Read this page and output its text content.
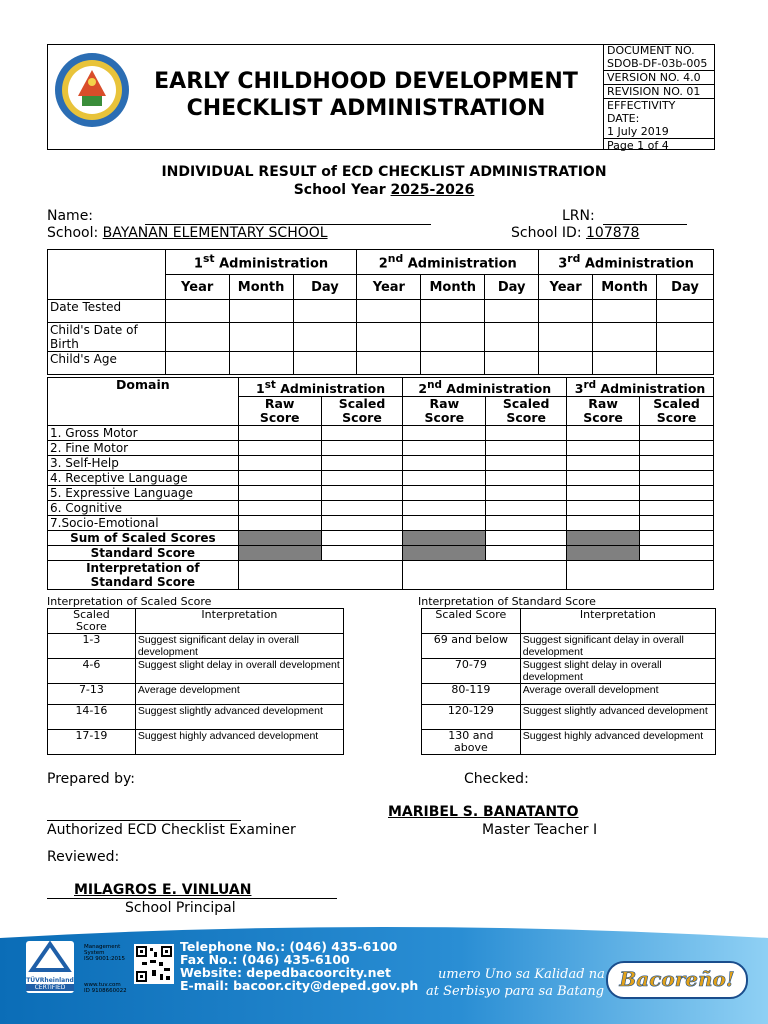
EARLY CHILDHOOD DEVELOPMENT
CHECKLIST ADMINISTRATION
DOCUMENT NO.
SDOB-DF-03b-005
VERSION NO. 4.0
REVISION NO. 01
EFFECTIVITY
DATE:
1 July 2019
Page 1 of 4
INDIVIDUAL RESULT of ECD CHECKLIST ADMINISTRATION
School Year 2025-2026
Name:	LRN:
School: BAYANAN ELEMENTARY SCHOOL	School ID: 107878
	1st Administration			2nd Administration			3rd Administration		
	Year	Month	Day	Year	Month	Day	Year	Month	Day
Date Tested									
Child's Date of Birth									
Child's Age									
Domain	1st Administration		2nd Administration		3rd Administration	
	Raw Score	Scaled Score	Raw Score	Scaled Score	Raw Score	Scaled Score
1. Gross Motor						
2. Fine Motor						
3. Self-Help						
4. Receptive Language						
5. Expressive Language						
6. Cognitive						
7.Socio-Emotional						
Sum of Scaled Scores						
Standard Score						
Interpretation of Standard Score						
Interpretation of Scaled Score
Scaled Score	Interpretation
1-3	Suggest significant delay in overall development
4-6	Suggest slight delay in overall development
7-13	Average development
14-16	Suggest slightly advanced development
17-19	Suggest highly advanced development
Interpretation of Standard Score
Scaled Score	Interpretation
69 and below	Suggest significant delay in overall development
70-79	Suggest slight delay in overall development
80-119	Average overall development
120-129	Suggest slightly advanced development
130 and above	Suggest highly advanced development
Prepared by:	Checked:
MARIBEL S. BANATANTO
Authorized ECD Checklist Examiner	Master Teacher I
Reviewed:
MILAGROS E. VINLUAN
School Principal
TÜVRheinland
CERTIFIED
Management
System
ISO 9001:2015
www.tuv.com
ID 9108660022
Telephone No.: (046) 435-6100
Fax No.: (046) 435-6100
Website: depedbacoorcity.net
E-mail: bacoor.city@deped.gov.ph
umero Uno sa Kalidad na
at Serbisyo para sa Batang
Bacoreño!
